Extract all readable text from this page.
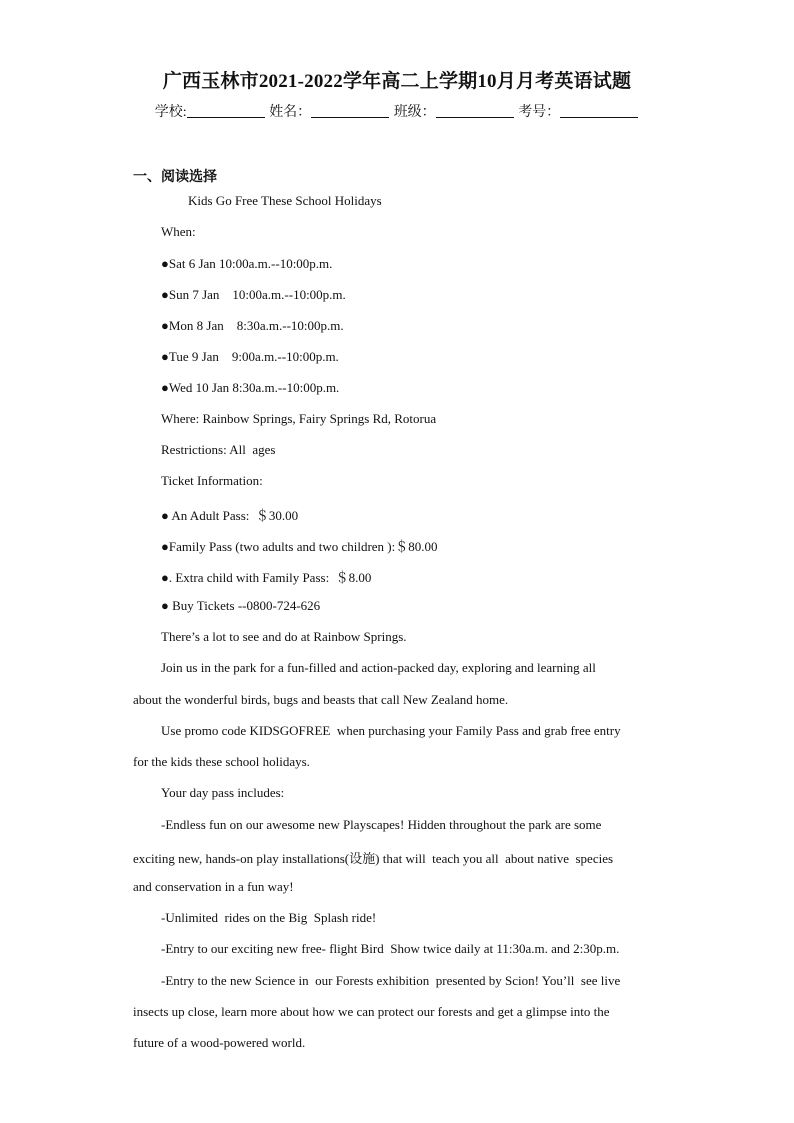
广西玉林市2021-2022学年高二上学期10月月考英语试题
学校:	姓名：	班级：	考号：
一、阅读选择
Kids Go Free These School Holidays
When:
●Sat 6 Jan 10:00a.m.--10:00p.m.
●Sun 7 Jan    10:00a.m.--10:00p.m.
●Mon 8 Jan    8:30a.m.--10:00p.m.
●Tue 9 Jan    9:00a.m.--10:00p.m.
●Wed 10 Jan 8:30a.m.--10:00p.m.
Where: Rainbow Springs, Fairy Springs Rd, Rotorua
Restrictions: All  ages
Ticket Information:
● An Adult Pass:  ＄30.00
●Family Pass (two adults and two children ):＄80.00
●. Extra child with Family Pass:  ＄8.00
● Buy Tickets --0800-724-626
There’s a lot to see and do at Rainbow Springs.
Join us in the park for a fun-filled and action-packed day, exploring and learning all
about the wonderful birds, bugs and beasts that call New Zealand home.
Use promo code KIDSGOFREE  when purchasing your Family Pass and grab free entry
for the kids these school holidays.
Your day pass includes:
-Endless fun on our awesome new Playscapes! Hidden throughout the park are some
exciting new, hands-on play installations(设施) that will  teach you all  about native  species
and conservation in a fun way!
-Unlimited  rides on the Big  Splash ride!
-Entry to our exciting new free- flight Bird  Show twice daily at 11:30a.m. and 2:30p.m.
-Entry to the new Science in  our Forests exhibition  presented by Scion! You’ll  see live
insects up close, learn more about how we can protect our forests and get a glimpse into the
future of a wood-powered world.
